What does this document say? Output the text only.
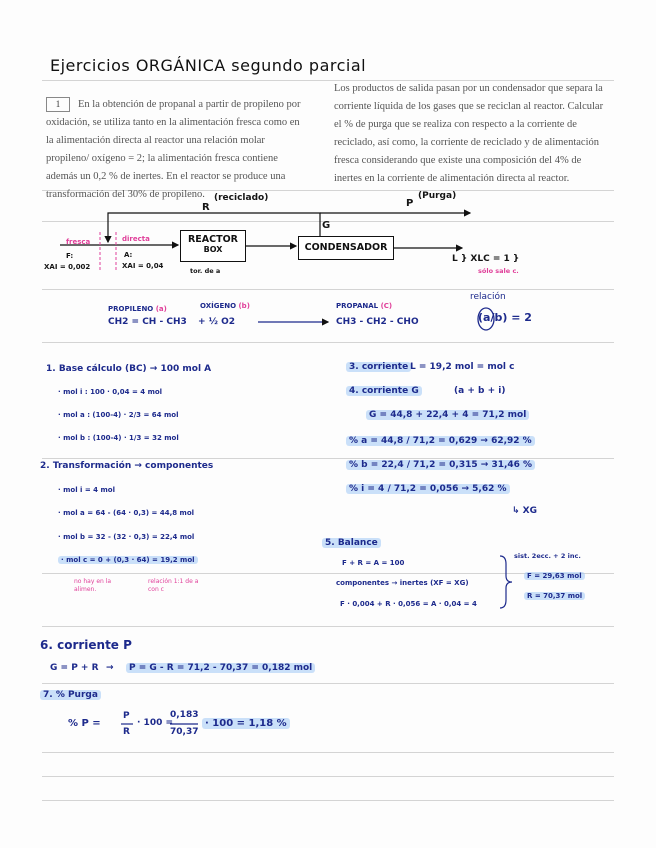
Ejercicios ORGÁNICA segundo parcial
1 En la obtención de propanal a partir de propileno por oxidación, se utiliza tanto en la alimentación fresca como en la alimentación directa al reactor una relación molar propileno/ oxígeno = 2; la alimentación fresca contiene además un 0,2 % de inertes. En el reactor se produce una transformación del 30% de propileno.
Los productos de salida pasan por un condensador que separa la corriente líquida de los gases que se reciclan al reactor. Calcular el % de purga que se realiza con respecto a la corriente de reciclado, así como, la corriente de reciclado y de alimentación fresca considerando que existe una composición del 4% de inertes en la corriente de alimentación directa al reactor.
R
(reciclado)	P
(Purga)
G
REACTOR
BOX	CONDENSADOR
fresca
F:
XAI = 0,002
directa
A:
XAI = 0,04
tor. de a
L } XLC = 1 }
sólo sale c.
PROPILENO (a)
CH2 = CH - CH3
OXÍGENO (b)
+ ½ O2
PROPANAL (C)
CH3 - CH2 - CHO
relación
(a/b) = 2
1. Base cálculo (BC) → 100 mol A
· mol i : 100 · 0,04 = 4 mol
· mol a : (100-4) · 2/3 = 64 mol
· mol b : (100-4) · 1/3 = 32 mol
2. Transformación → componentes
· mol i = 4 mol
· mol a = 64 - (64 · 0,3) = 44,8 mol
· mol b = 32 - (32 · 0,3) = 22,4 mol
· mol c = 0 + (0,3 · 64) = 19,2 mol
no hay en la alimen.
relación 1:1 de a con c
3. corriente L = 19,2 mol = mol c
4. corriente G	(a + b + i)
G = 44,8 + 22,4 + 4 = 71,2 mol
% a = 44,8 / 71,2 = 0,629 → 62,92 %
% b = 22,4 / 71,2 = 0,315 → 31,46 %
% i = 4 / 71,2 = 0,056 → 5,62 %
↳ XG
5. Balance
F + R = A = 100
componentes → inertes (XF = XG)
F · 0,004 + R · 0,056 = A · 0,04 = 4
sist. 2ecc. + 2 inc.
F = 29,63 mol
R = 70,37 mol
6. corriente P
G = P + R →	P = G - R = 71,2 - 70,37 = 0,182 mol
7. % Purga
% P =
P
R
· 100 =
0,183
70,37
· 100 = 1,18 %
